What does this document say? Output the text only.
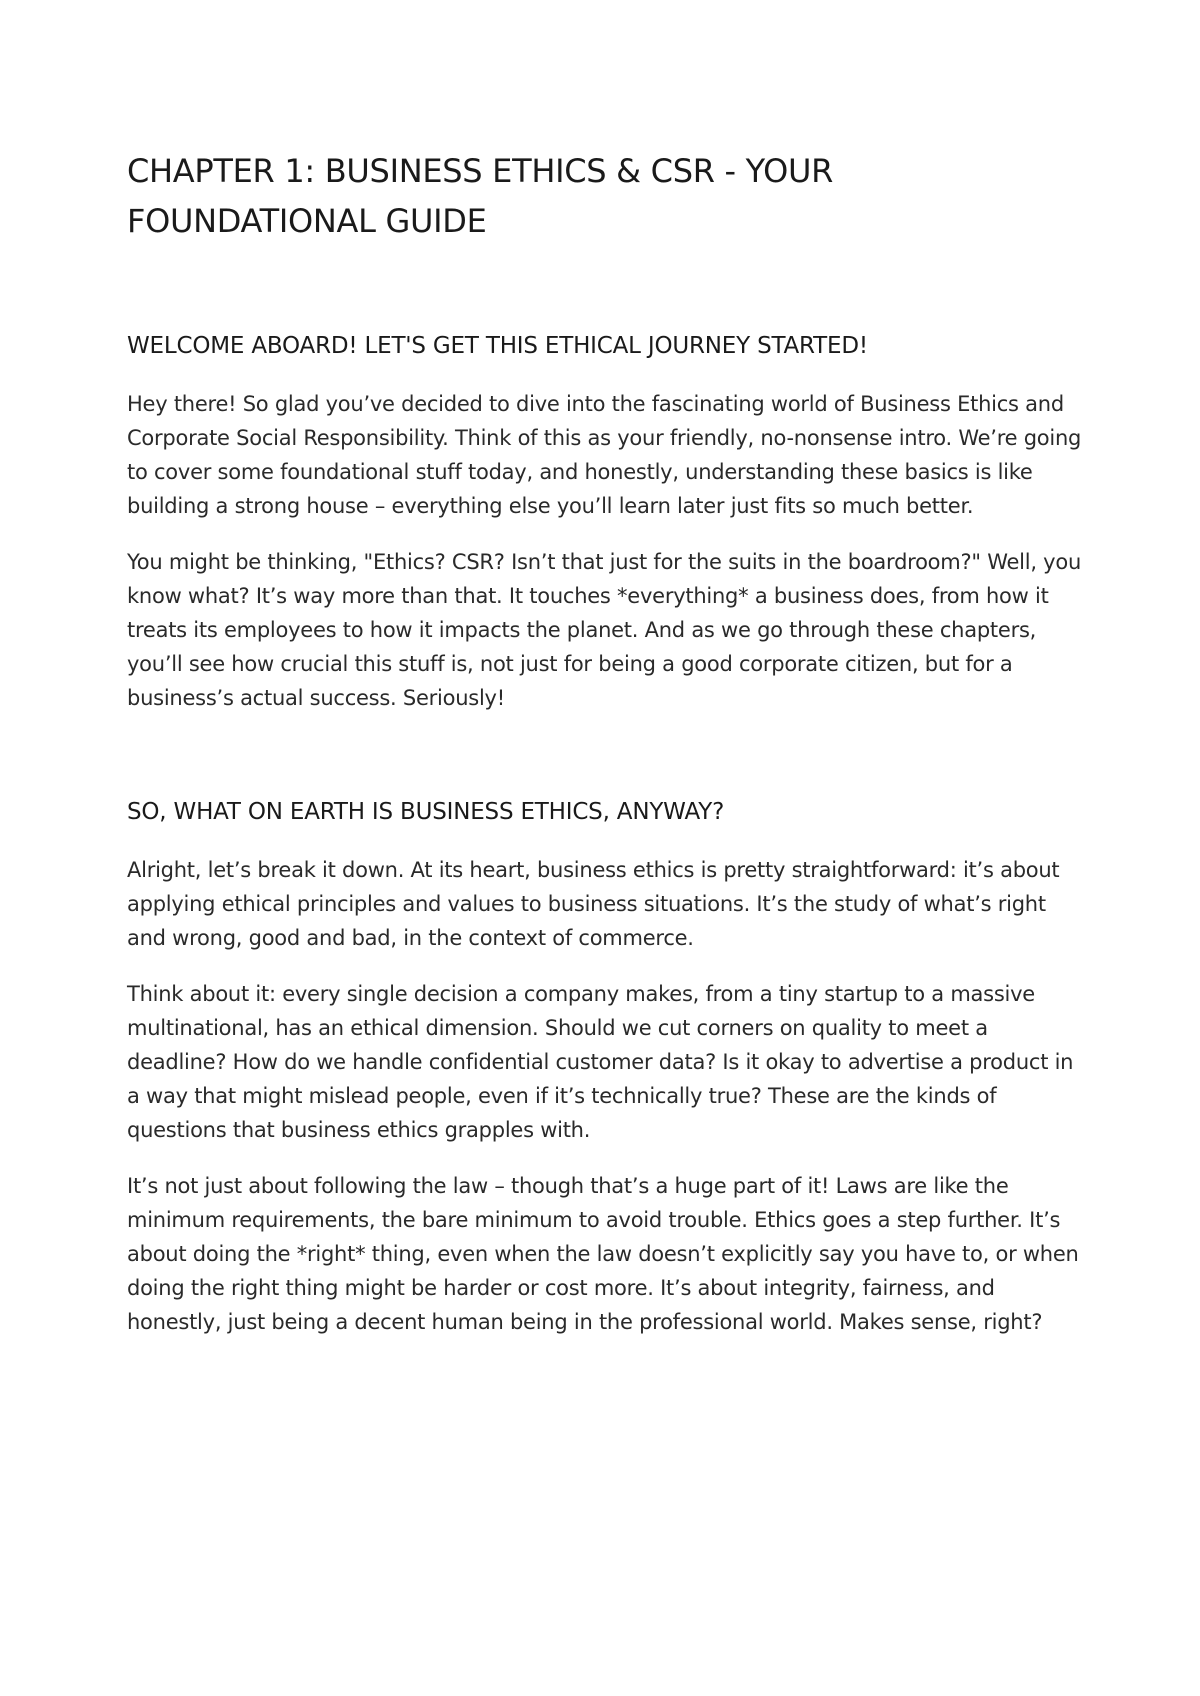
CHAPTER 1: BUSINESS ETHICS & CSR - YOUR FOUNDATIONAL GUIDE
WELCOME ABOARD! LET'S GET THIS ETHICAL JOURNEY STARTED!

Hey there! So glad you’ve decided to dive into the fascinating world of Business Ethics and Corporate Social Responsibility. Think of this as your friendly, no-nonsense intro. We’re going to cover some foundational stuff today, and honestly, understanding these basics is like building a strong house – everything else you’ll learn later just fits so much better.

You might be thinking, "Ethics? CSR? Isn’t that just for the suits in the boardroom?" Well, you know what? It’s way more than that. It touches *everything* a business does, from how it treats its employees to how it impacts the planet. And as we go through these chapters, you’ll see how crucial this stuff is, not just for being a good corporate citizen, but for a business’s actual success. Seriously!

SO, WHAT ON EARTH IS BUSINESS ETHICS, ANYWAY?

Alright, let’s break it down. At its heart, business ethics is pretty straightforward: it’s about applying ethical principles and values to business situations. It’s the study of what’s right and wrong, good and bad, in the context of commerce.

Think about it: every single decision a company makes, from a tiny startup to a massive multinational, has an ethical dimension. Should we cut corners on quality to meet a deadline? How do we handle confidential customer data? Is it okay to advertise a product in a way that might mislead people, even if it’s technically true? These are the kinds of questions that business ethics grapples with.

It’s not just about following the law – though that’s a huge part of it! Laws are like the minimum requirements, the bare minimum to avoid trouble. Ethics goes a step further. It’s about doing the *right* thing, even when the law doesn’t explicitly say you have to, or when doing the right thing might be harder or cost more. It’s about integrity, fairness, and honestly, just being a decent human being in the professional world. Makes sense, right?
